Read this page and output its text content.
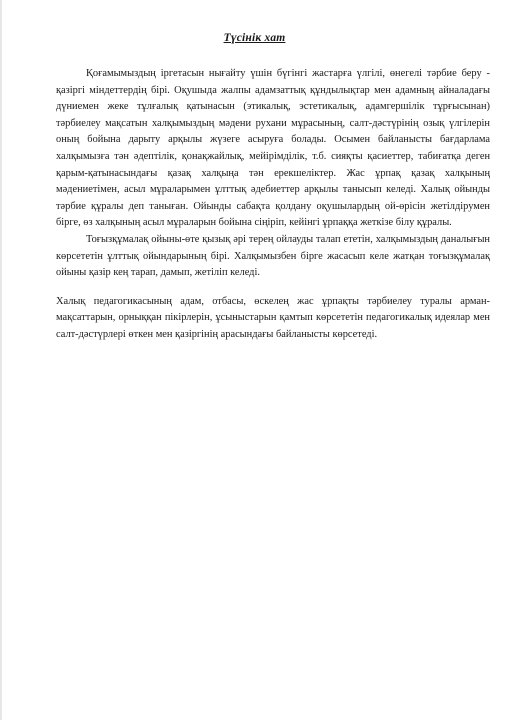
Түсінік хат

Қоғамымыздың іргетасын нығайту үшін бүгінгі жастарға үлгілі, өнегелі тәрбие беру - қазіргі міндеттердің бірі. Оқушыда жалпы адамзаттық құндылықтар мен адамның айналадағы дүниемен жеке тұлғалық қатынасын (этикалық, эстетикалық, адамгершілік тұрғысынан) тәрбиелеу мақсатын халқымыздың мәдени рухани мұрасының, салт-дәстүрінің озық үлгілерін оның бойына дарыту арқылы жүзеге асыруға болады. Осымен байланысты бағдарлама халқымызға тән әдептілік, қонақжайлық, мейірімділік, т.б. сияқты қасиеттер, табиғатқа деген қарым-қатынасындағы қазақ халқыңа тән ерекшеліктер. Жас ұрпақ қазақ халқының мәдениетімен, асыл мұраларымен ұлттық әдебиеттер арқылы танысып келеді. Халық ойынды тәрбие құралы деп таныған. Ойынды сабақта қолдану оқушылардың ой-өрісін жетілдірумен бірге, өз халқының асыл мұраларын бойына сіңіріп, кейінгі ұрпаққа жеткізе білу құралы.

Тоғызқұмалақ ойыны-өте қызық әрі терең ойлауды талап ететін, халқымыздың даналығын көрсететін ұлттық ойындарының бірі. Халқымызбен бірге жасасып келе жатқан тоғызқұмалақ ойыны қазір кең тарап, дамып, жетіліп келеді.

Халық педагогикасының адам, отбасы, өскелең жас ұрпақты тәрбиелеу туралы арман-мақсаттарын, орныққан пікірлерін, ұсыныстарын қамтып көрсететін педагогикалық идеялар мен салт-дәстүрлері өткен мен қазіргінің арасындағы байланысты көрсетеді.
